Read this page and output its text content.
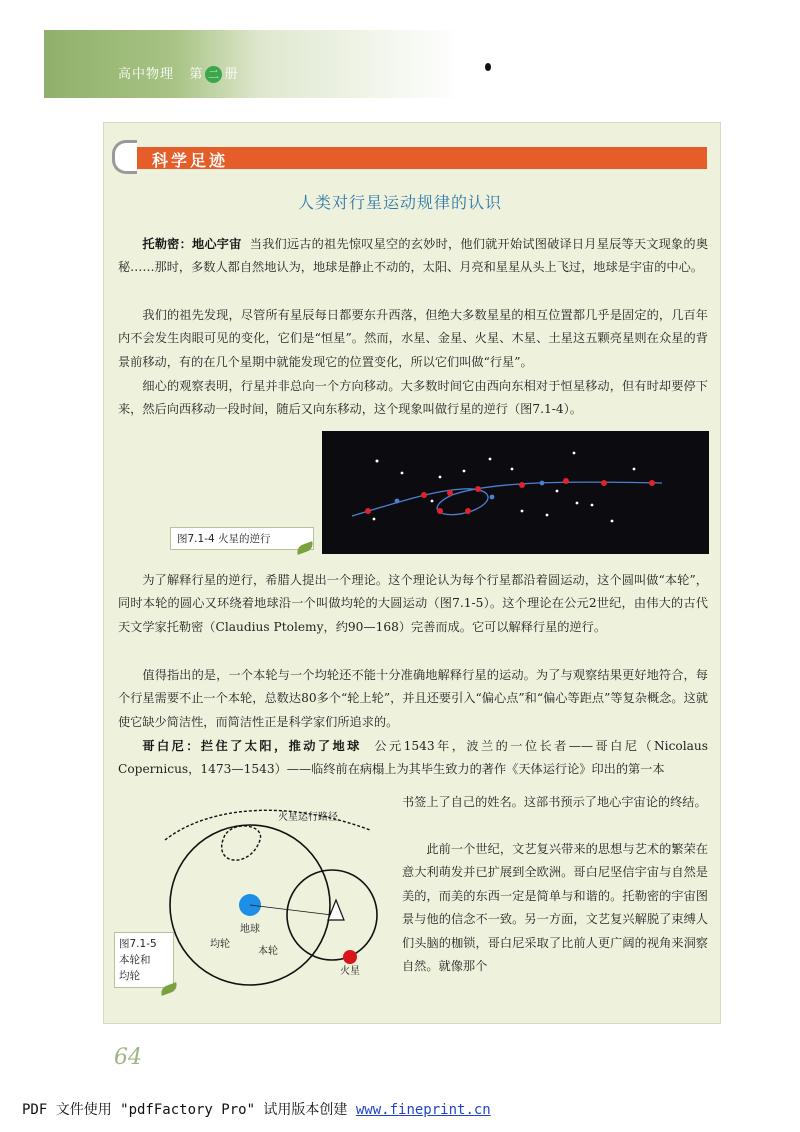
高中物理 第 二 册
科学足迹
人类对行星运动规律的认识
托勒密：地心宇宙 当我们远古的祖先惊叹星空的玄妙时，他们就开始试图破译日月星辰等天文现象的奥秘……那时，多数人都自然地认为，地球是静止不动的，太阳、月亮和星星从头上飞过，地球是宇宙的中心。
我们的祖先发现，尽管所有星辰每日都要东升西落，但绝大多数星星的相互位置都几乎是固定的，几百年内不会发生肉眼可见的变化，它们是“恒星”。然而，水星、金星、火星、木星、土星这五颗亮星则在众星的背景前移动，有的在几个星期中就能发现它的位置变化，所以它们叫做“行星”。
细心的观察表明，行星并非总向一个方向移动。大多数时间它由西向东相对于恒星移动，但有时却要停下来，然后向西移动一段时间，随后又向东移动，这个现象叫做行星的逆行（图7.1-4）。
图7.1-4 火星的逆行
为了解释行星的逆行，希腊人提出一个理论。这个理论认为每个行星都沿着圆运动，这个圆叫做“本轮”，同时本轮的圆心又环绕着地球沿一个叫做均轮的大圆运动（图7.1-5）。这个理论在公元2世纪，由伟大的古代天文学家托勒密（Claudius Ptolemy，约90—168）完善而成。它可以解释行星的逆行。
值得指出的是，一个本轮与一个均轮还不能十分准确地解释行星的运动。为了与观察结果更好地符合，每个行星需要不止一个本轮，总数达80多个“轮上轮”，并且还要引入“偏心点”和“偏心等距点”等复杂概念。这就使它缺少简洁性，而简洁性正是科学家们所追求的。
哥白尼：拦住了太阳，推动了地球 公元1543年，波兰的一位长者——哥白尼（Nicolaus Copernicus，1473—1543）——临终前在病榻上为其毕生致力的著作《天体运行论》印出的第一本
书签上了自己的姓名。这部书预示了地心宇宙论的终结。
此前一个世纪，文艺复兴带来的思想与艺术的繁荣在意大利萌发并已扩展到全欧洲。哥白尼坚信宇宙与自然是美的，而美的东西一定是简单与和谐的。托勒密的宇宙图景与他的信念不一致。另一方面，文艺复兴解脱了束缚人们头脑的枷锁，哥白尼采取了比前人更广阔的视角来洞察自然。就像那个
火星运行路径
地球
均轮
本轮
火星
图7.1-5
本轮和
均轮
64
PDF 文件使用 "pdfFactory Pro" 试用版本创建 www.fineprint.cn
